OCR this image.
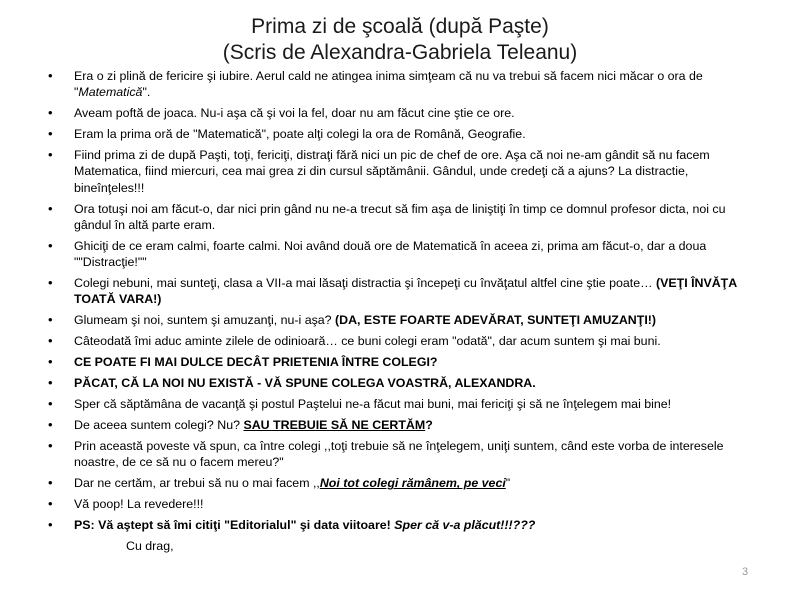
Prima zi de şcoală (după Paşte)
(Scris de Alexandra-Gabriela Teleanu)
• Era o zi plină de fericire şi iubire. Aerul cald ne atingea inima simţeam că nu va trebui să facem nici măcar o ora de "Matematică".
• Aveam poftă de joaca. Nu-i aşa că şi voi la fel, doar nu am făcut cine ştie ce ore.
• Eram la prima oră de "Matematică", poate alţi colegi la ora de Română, Geografie.
• Fiind prima zi de după Paşti, toţi, fericiţi, distraţi fără nici un pic de chef de ore. Aşa că noi ne-am gândit să nu facem Matematica, fiind miercuri, cea mai grea zi din cursul săptămânii. Gândul, unde credeţi că a ajuns? La distractie, bineînţeles!!!
• Ora totuşi noi am făcut-o, dar nici prin gând nu ne-a trecut să fim aşa de liniştiţi în timp ce domnul profesor dicta, noi cu gândul în altă parte eram.
• Ghiciţi de ce eram calmi, foarte calmi. Noi având două ore de Matematică în aceea zi, prima am făcut-o, dar a doua ""Distracţie!""
• Colegi nebuni, mai sunteţi, clasa a VII-a mai lăsaţi distractia şi începeţi cu învăţatul altfel cine ştie poate… (VEŢI ÎNVĂŢA TOATĂ VARA!)
• Glumeam şi noi, suntem şi amuzanţi, nu-i aşa? (DA, ESTE FOARTE ADEVĂRAT, SUNTEŢI AMUZANŢI!)
• Câteodată îmi aduc aminte zilele de odinioară… ce buni colegi eram "odată", dar acum suntem şi mai buni.
• CE POATE FI MAI DULCE DECÂT PRIETENIA ÎNTRE COLEGI?
• PĂCAT, CĂ LA NOI NU EXISTĂ - VĂ SPUNE COLEGA VOASTRĂ, ALEXANDRA.
• Sper că săptămâna de vacanţă şi postul Paştelui ne-a făcut mai buni, mai fericiţi şi să ne înţelegem mai bine!
• De aceea suntem colegi? Nu? SAU TREBUIE SĂ NE CERTĂM?
• Prin această poveste vă spun, ca între colegi ,,toţi trebuie să ne înţelegem, uniţi suntem, când este vorba de interesele noastre, de ce să nu o facem mereu?"
• Dar ne certăm, ar trebui să nu o mai facem ,,Noi tot colegi rămânem, pe veci"
• Vă poop! La revedere!!!
• PS: Vă aştept să îmi citiţi "Editorialul" şi data viitoare! Sper că v-a plăcut!!!???
Cu drag,
3
